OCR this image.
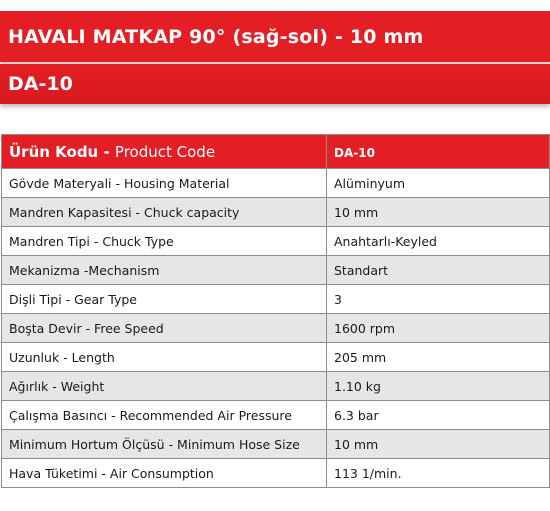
HAVALI MATKAP 90° (sağ-sol) - 10 mm
DA-10
Ürün Kodu - Product Code	DA-10
Gövde Materyali - Housing Material	Alüminyum
Mandren Kapasitesi - Chuck capacity	10 mm
Mandren Tipi - Chuck Type	Anahtarlı-Keyled
Mekanizma -Mechanism	Standart
Dişli Tipi - Gear Type	3
Boşta Devir - Free Speed	1600 rpm
Uzunluk - Length	205 mm
Ağırlık - Weight	1.10 kg
Çalışma Basıncı - Recommended Air Pressure	6.3 bar
Minimum Hortum Ölçüsü - Minimum Hose Size	10 mm
Hava Tüketimi - Air Consumption	113 1/min.
